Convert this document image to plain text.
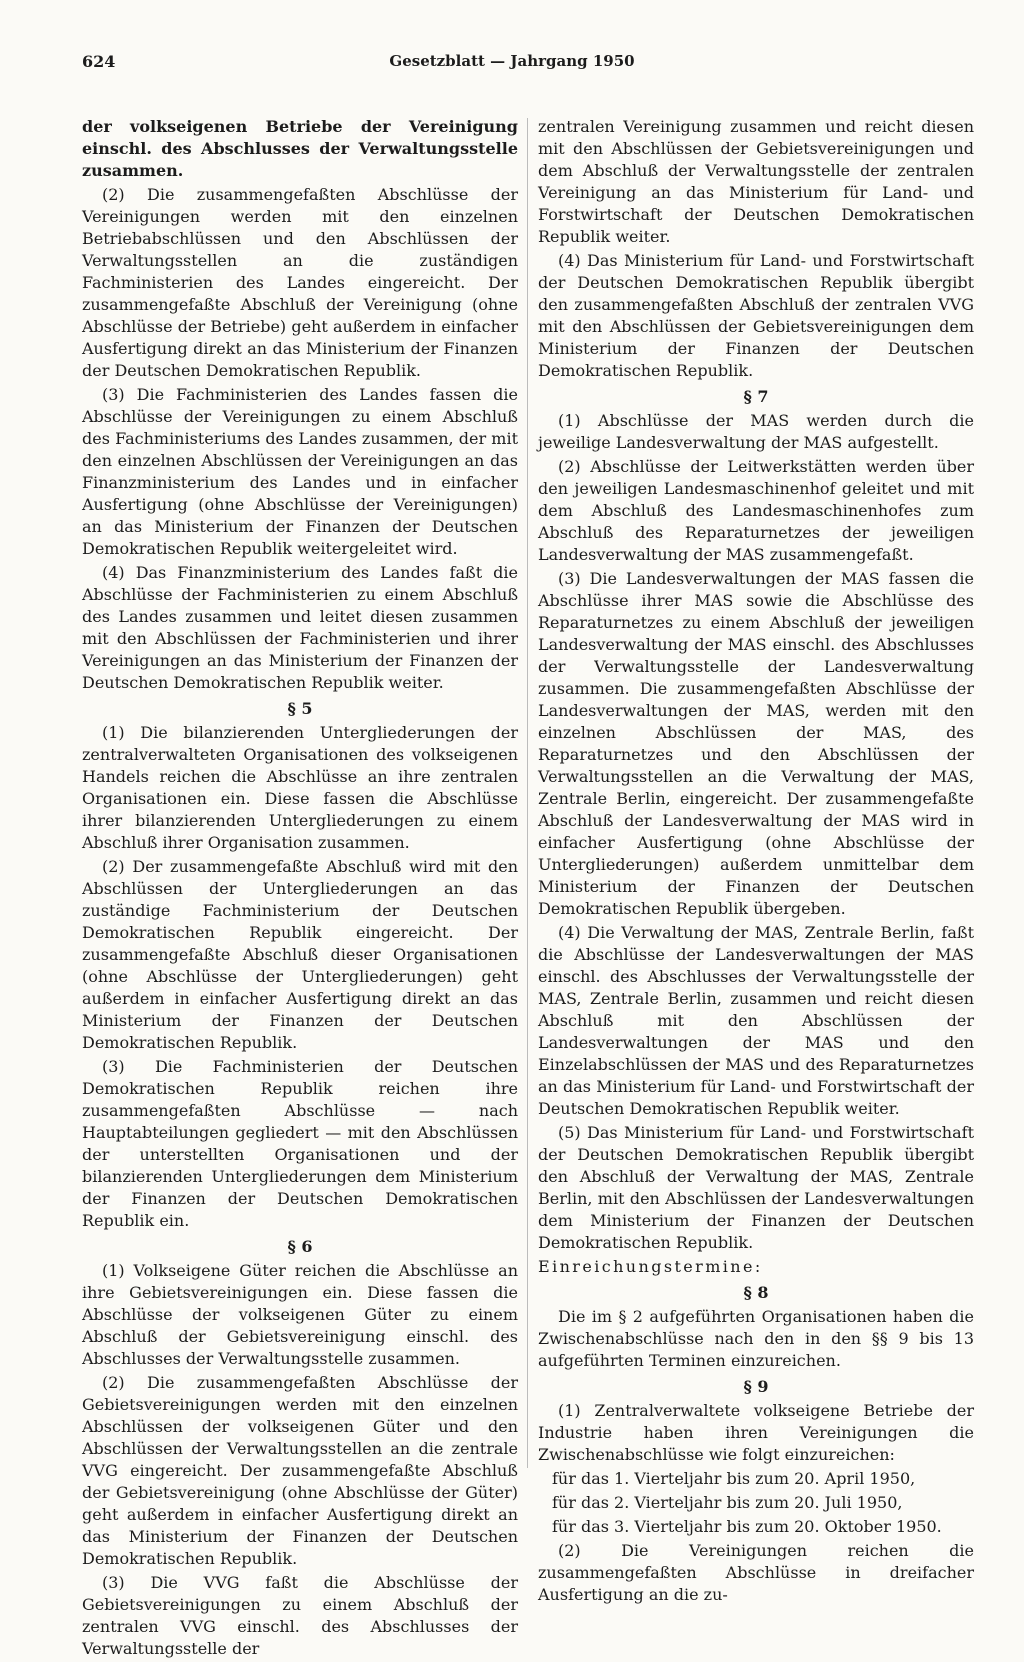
624	Gesetzblatt — Jahrgang 1950

der volkseigenen Betriebe der Vereinigung einschl. des Abschlusses der Verwaltungsstelle zusammen.

(2) Die zusammengefaßten Abschlüsse der Vereinigungen werden mit den einzelnen Betriebabschlüssen und den Abschlüssen der Verwaltungsstellen an die zuständigen Fachministerien des Landes eingereicht. Der zusammengefaßte Abschluß der Vereinigung (ohne Abschlüsse der Betriebe) geht außerdem in einfacher Ausfertigung direkt an das Ministerium der Finanzen der Deutschen Demokratischen Republik.

(3) Die Fachministerien des Landes fassen die Abschlüsse der Vereinigungen zu einem Abschluß des Fachministeriums des Landes zusammen, der mit den einzelnen Abschlüssen der Vereinigungen an das Finanzministerium des Landes und in einfacher Ausfertigung (ohne Abschlüsse der Vereinigungen) an das Ministerium der Finanzen der Deutschen Demokratischen Republik weitergeleitet wird.

(4) Das Finanzministerium des Landes faßt die Abschlüsse der Fachministerien zu einem Abschluß des Landes zusammen und leitet diesen zusammen mit den Abschlüssen der Fachministerien und ihrer Vereinigungen an das Ministerium der Finanzen der Deutschen Demokratischen Republik weiter.

§ 5

(1) Die bilanzierenden Untergliederungen der zentralverwalteten Organisationen des volkseigenen Handels reichen die Abschlüsse an ihre zentralen Organisationen ein. Diese fassen die Abschlüsse ihrer bilanzierenden Untergliederungen zu einem Abschluß ihrer Organisation zusammen.

(2) Der zusammengefaßte Abschluß wird mit den Abschlüssen der Untergliederungen an das zuständige Fachministerium der Deutschen Demokratischen Republik eingereicht. Der zusammengefaßte Abschluß dieser Organisationen (ohne Abschlüsse der Untergliederungen) geht außerdem in einfacher Ausfertigung direkt an das Ministerium der Finanzen der Deutschen Demokratischen Republik.

(3) Die Fachministerien der Deutschen Demokratischen Republik reichen ihre zusammengefaßten Abschlüsse — nach Hauptabteilungen gegliedert — mit den Abschlüssen der unterstellten Organisationen und der bilanzierenden Untergliederungen dem Ministerium der Finanzen der Deutschen Demokratischen Republik ein.

§ 6

(1) Volkseigene Güter reichen die Abschlüsse an ihre Gebietsvereinigungen ein. Diese fassen die Abschlüsse der volkseigenen Güter zu einem Abschluß der Gebietsvereinigung einschl. des Abschlusses der Verwaltungsstelle zusammen.

(2) Die zusammengefaßten Abschlüsse der Gebietsvereinigungen werden mit den einzelnen Abschlüssen der volkseigenen Güter und den Abschlüssen der Verwaltungsstellen an die zentrale VVG eingereicht. Der zusammengefaßte Abschluß der Gebietsvereinigung (ohne Abschlüsse der Güter) geht außerdem in einfacher Ausfertigung direkt an das Ministerium der Finanzen der Deutschen Demokratischen Republik.

(3) Die VVG faßt die Abschlüsse der Gebietsvereinigungen zu einem Abschluß der zentralen VVG einschl. des Abschlusses der Verwaltungsstelle der

zentralen Vereinigung zusammen und reicht diesen mit den Abschlüssen der Gebietsvereinigungen und dem Abschluß der Verwaltungsstelle der zentralen Vereinigung an das Ministerium für Land- und Forstwirtschaft der Deutschen Demokratischen Republik weiter.

(4) Das Ministerium für Land- und Forstwirtschaft der Deutschen Demokratischen Republik übergibt den zusammengefaßten Abschluß der zentralen VVG mit den Abschlüssen der Gebietsvereinigungen dem Ministerium der Finanzen der Deutschen Demokratischen Republik.

§ 7

(1) Abschlüsse der MAS werden durch die jeweilige Landesverwaltung der MAS aufgestellt.

(2) Abschlüsse der Leitwerkstätten werden über den jeweiligen Landesmaschinenhof geleitet und mit dem Abschluß des Landesmaschinenhofes zum Abschluß des Reparaturnetzes der jeweiligen Landesverwaltung der MAS zusammengefaßt.

(3) Die Landesverwaltungen der MAS fassen die Abschlüsse ihrer MAS sowie die Abschlüsse des Reparaturnetzes zu einem Abschluß der jeweiligen Landesverwaltung der MAS einschl. des Abschlusses der Verwaltungsstelle der Landesverwaltung zusammen. Die zusammengefaßten Abschlüsse der Landesverwaltungen der MAS, werden mit den einzelnen Abschlüssen der MAS, des Reparaturnetzes und den Abschlüssen der Verwaltungsstellen an die Verwaltung der MAS, Zentrale Berlin, eingereicht. Der zusammengefaßte Abschluß der Landesverwaltung der MAS wird in einfacher Ausfertigung (ohne Abschlüsse der Untergliederungen) außerdem unmittelbar dem Ministerium der Finanzen der Deutschen Demokratischen Republik übergeben.

(4) Die Verwaltung der MAS, Zentrale Berlin, faßt die Abschlüsse der Landesverwaltungen der MAS einschl. des Abschlusses der Verwaltungsstelle der MAS, Zentrale Berlin, zusammen und reicht diesen Abschluß mit den Abschlüssen der Landesverwaltungen der MAS und den Einzelabschlüssen der MAS und des Reparaturnetzes an das Ministerium für Land- und Forstwirtschaft der Deutschen Demokratischen Republik weiter.

(5) Das Ministerium für Land- und Forstwirtschaft der Deutschen Demokratischen Republik übergibt den Abschluß der Verwaltung der MAS, Zentrale Berlin, mit den Abschlüssen der Landesverwaltungen dem Ministerium der Finanzen der Deutschen Demokratischen Republik.

Einreichungstermine:

§ 8

Die im § 2 aufgeführten Organisationen haben die Zwischenabschlüsse nach den in den §§ 9 bis 13 aufgeführten Terminen einzureichen.

§ 9

(1) Zentralverwaltete volkseigene Betriebe der Industrie haben ihren Vereinigungen die Zwischenabschlüsse wie folgt einzureichen:

für das 1. Vierteljahr bis zum 20. April 1950,

für das 2. Vierteljahr bis zum 20. Juli 1950,

für das 3. Vierteljahr bis zum 20. Oktober 1950.

(2) Die Vereinigungen reichen die zusammengefaßten Abschlüsse in dreifacher Ausfertigung an die zu-
